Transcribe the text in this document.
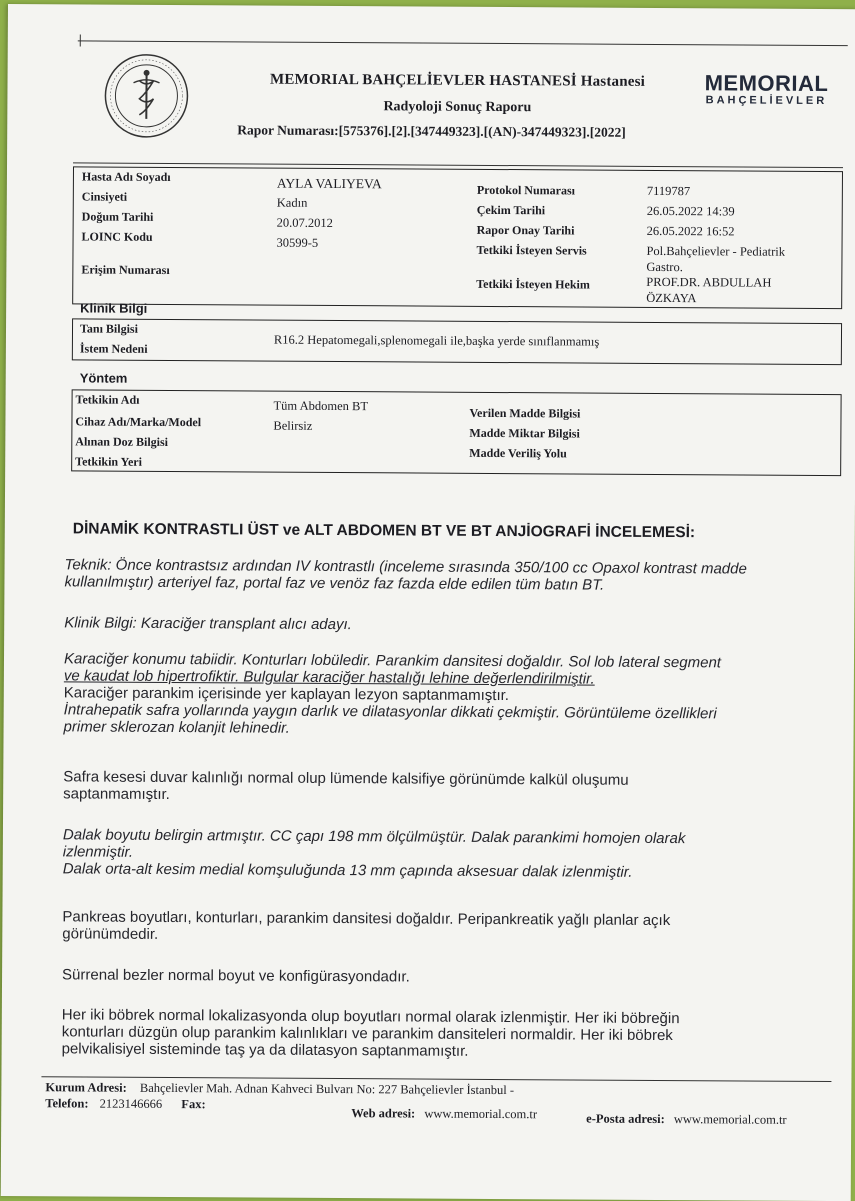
MEMORIAL BAHÇELİEVLER HASTANESİ Hastanesi
Radyoloji Sonuç Raporu
Rapor Numarası:[575376].[2].[347449323].[(AN)-347449323].[2022]
MEMORIAL
BAHÇELİEVLER
Hasta Adı Soyadı	AYLA VALIYEVA
Cinsiyeti	Kadın
Doğum Tarihi	20.07.2012
LOINC Kodu	30599-5
Erişim Numarası
Protokol Numarası	7119787
Çekim Tarihi	26.05.2022 14:39
Rapor Onay Tarihi	26.05.2022 16:52
Tetkiki İsteyen Servis	Pol.Bahçelievler - Pediatrik
Gastro.
Tetkiki İsteyen Hekim	PROF.DR. ABDULLAH
ÖZKAYA
Klinik Bilgi
Tanı Bilgisi
İstem Nedeni
R16.2 Hepatomegali,splenomegali ile,başka yerde sınıflanmamış
Yöntem
Tetkikin Adı	Tüm Abdomen BT
Cihaz Adı/Marka/Model	Belirsiz
Alınan Doz Bilgisi
Tetkikin Yeri
Verilen Madde Bilgisi
Madde Miktar Bilgisi
Madde Veriliş Yolu
DİNAMİK KONTRASTLI ÜST ve ALT ABDOMEN BT VE BT ANJİOGRAFİ İNCELEMESİ:
Teknik: Önce kontrastsız ardından IV kontrastlı (inceleme sırasında 350/100 cc Opaxol kontrast madde
kullanılmıştır) arteriyel faz, portal faz ve venöz faz fazda elde edilen tüm batın BT.
Klinik Bilgi: Karaciğer transplant alıcı adayı.
Karaciğer konumu tabiidir. Konturları lobüledir. Parankim dansitesi doğaldır. Sol lob lateral segment
ve kaudat lob hipertrofiktir. Bulgular karaciğer hastalığı lehine değerlendirilmiştir.
Karaciğer parankim içerisinde yer kaplayan lezyon saptanmamıştır.
İntrahepatik safra yollarında yaygın darlık ve dilatasyonlar dikkati çekmiştir. Görüntüleme özellikleri
primer sklerozan kolanjit lehinedir.
Safra kesesi duvar kalınlığı normal olup lümende kalsifiye görünümde kalkül oluşumu
saptanmamıştır.
Dalak boyutu belirgin artmıştır. CC çapı 198 mm ölçülmüştür. Dalak parankimi homojen olarak
izlenmiştir.
Dalak orta-alt kesim medial komşuluğunda 13 mm çapında aksesuar dalak izlenmiştir.
Pankreas boyutları, konturları, parankim dansitesi doğaldır. Peripankreatik yağlı planlar açık
görünümdedir.
Sürrenal bezler normal boyut ve konfigürasyondadır.
Her iki böbrek normal lokalizasyonda olup boyutları normal olarak izlenmiştir. Her iki böbreğin
konturları düzgün olup parankim kalınlıkları ve parankim dansiteleri normaldir. Her iki böbrek
pelvikalisiyel sisteminde taş ya da dilatasyon saptanmamıştır.
Kurum Adresi: Bahçelievler Mah. Adnan Kahveci Bulvarı No: 227 Bahçelievler İstanbul -
Telefon: 2123146666 Fax:
Web adresi: www.memorial.com.tr	e-Posta adresi: www.memorial.com.tr
